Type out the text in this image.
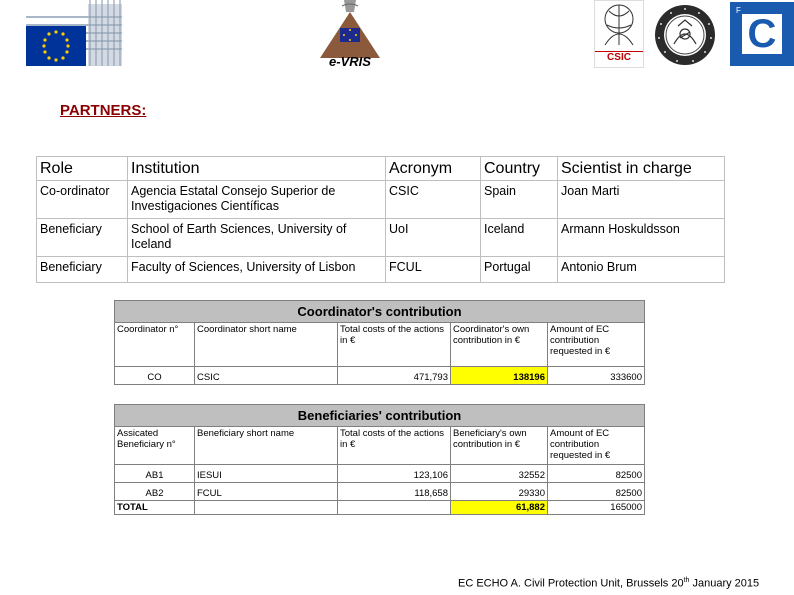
e-VRIS	CSIC
F
C
PARTNERS:
Role	Institution	Acronym	Country	Scientist in charge
Co-ordinator	Agencia Estatal Consejo Superior de Investigaciones Científicas	CSIC	Spain	Joan Marti
Beneficiary	School of Earth Sciences, University of Iceland	UoI	Iceland	Armann Hoskuldsson
Beneficiary	Faculty of Sciences, University of Lisbon	FCUL	Portugal	Antonio Brum
Coordinator's contribution				
Coordinator n°	Coordinator short name	Total costs of the actions in €	Coordinator's own contribution in €	Amount of EC contribution requested in €
CO	CSIC	471,793	138196	333600
Beneficiaries' contribution				
Assicated Beneficiary n°	Beneficiary short name	Total costs of the actions in €	Beneficiary's own contribution in €	Amount of EC contribution requested in €
AB1	IESUI	123,106	32552	82500
AB2	FCUL	118,658	29330	82500
TOTAL			61,882	165000
EC ECHO A. Civil Protection Unit, Brussels 20th January 2015
